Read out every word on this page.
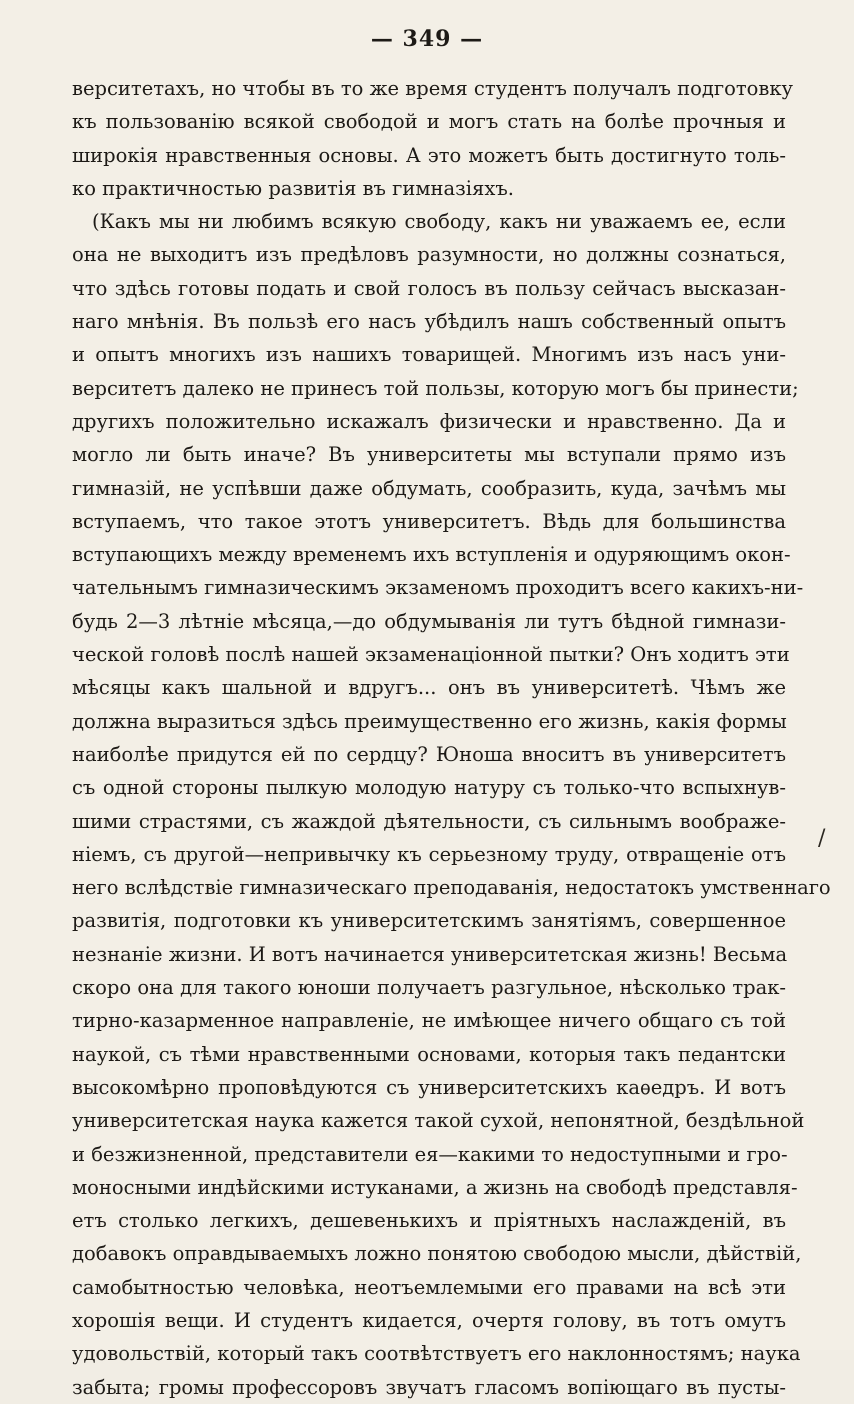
— 349 —
верситетахъ, но чтобы въ то же время студентъ получалъ подготовку
къ пользованію всякой свободой и могъ стать на болѣе прочныя и
широкія нравственныя основы. А это можетъ быть достигнуто толь-
ко практичностью развитія въ гимназіяхъ.
(Какъ мы ни любимъ всякую свободу, какъ ни уважаемъ ее, если
она не выходитъ изъ предѣловъ разумности, но должны сознаться,
что здѣсь готовы подать и свой голосъ въ пользу сейчасъ высказан-
наго мнѣнія. Въ пользѣ его насъ убѣдилъ нашъ собственный опытъ
и опытъ многихъ изъ нашихъ товарищей. Многимъ изъ насъ уни-
верситетъ далеко не принесъ той пользы, которую могъ бы принести;
другихъ положительно искажалъ физически и нравственно. Да и
могло ли быть иначе? Въ университеты мы вступали прямо изъ
гимназій, не успѣвши даже обдумать, сообразить, куда, зачѣмъ мы
вступаемъ, что такое этотъ университетъ. Вѣдь для большинства
вступающихъ между временемъ ихъ вступленія и одуряющимъ окон-
чательнымъ гимназическимъ экзаменомъ проходитъ всего какихъ-ни-
будь 2—3 лѣтніе мѣсяца,—до обдумыванія ли тутъ бѣдной гимнази-
ческой головѣ послѣ нашей экзаменаціонной пытки? Онъ ходитъ эти
мѣсяцы какъ шальной и вдругъ... онъ въ университетѣ. Чѣмъ же
должна выразиться здѣсь преимущественно его жизнь, какія формы
наиболѣе придутся ей по сердцу? Юноша вноситъ въ университетъ
съ одной стороны пылкую молодую натуру съ только-что вспыхнув-
шими страстями, съ жаждой дѣятельности, съ сильнымъ воображе-
ніемъ, съ другой—непривычку къ серьезному труду, отвращеніе отъ
него вслѣдствіе гимназическаго преподаванія, недостатокъ умственнаго
развитія, подготовки къ университетскимъ занятіямъ, совершенное
незнаніе жизни. И вотъ начинается университетская жизнь! Весьма
скоро она для такого юноши получаетъ разгульное, нѣсколько трак-
тирно-казарменное направленіе, не имѣющее ничего общаго съ той
наукой, съ тѣми нравственными основами, которыя такъ педантски
высокомѣрно проповѣдуются съ университетскихъ каѳедръ. И вотъ
университетская наука кажется такой сухой, непонятной, бездѣльной
и безжизненной, представители ея—какими то недоступными и гро-
моносными индѣйскими истуканами, а жизнь на свободѣ представля-
етъ столько легкихъ, дешевенькихъ и пріятныхъ наслажденій, въ
добавокъ оправдываемыхъ ложно понятою свободою мысли, дѣйствій,
самобытностью человѣка, неотъемлемыми его правами на всѣ эти
хорошія вещи. И студентъ кидается, очертя голову, въ тотъ омутъ
удовольствій, который такъ соотвѣтствуетъ его наклонностямъ; наука
забыта; громы профессоровъ звучатъ гласомъ вопіющаго въ пусты-
/
